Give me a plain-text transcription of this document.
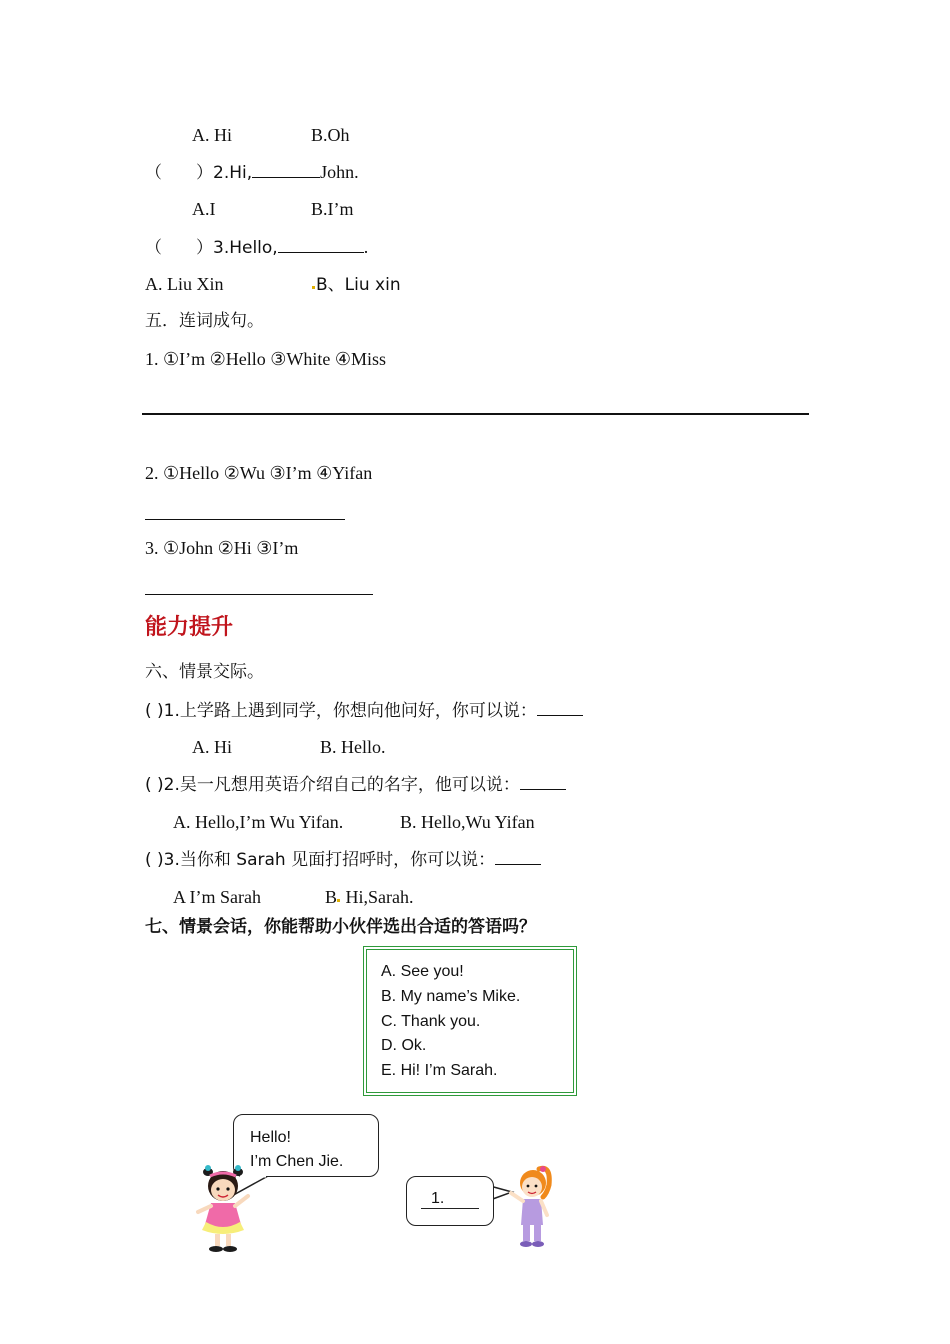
A. Hi	B.Oh
（　　）2.Hi,	John.
A.I	B.I’m
（　　）3.Hello,	.
A. Liu Xin	B、Liu xin
五．连词成句。
1. ①I’m ②Hello ③White ④Miss
2. ①Hello ②Wu ③I’m ④Yifan
3. ①John ②Hi ③I’m
能力提升
六、情景交际。
( )1.上学路上遇到同学，你想向他问好，你可以说：
A. Hi	B. Hello.
( )2.吴一凡想用英语介绍自己的名字，他可以说：
A. Hello,I’m Wu Yifan.	B. Hello,Wu Yifan
( )3.当你和 Sarah 见面打招呼时，你可以说：
A I’m Sarah	B Hi,Sarah.
七、情景会话，你能帮助小伙伴选出合适的答语吗？
A. See you!
B. My name’s Mike.
C. Thank you.
D. Ok.
E. Hi! I’m Sarah.
Hello!
I’m Chen Jie.
1.
